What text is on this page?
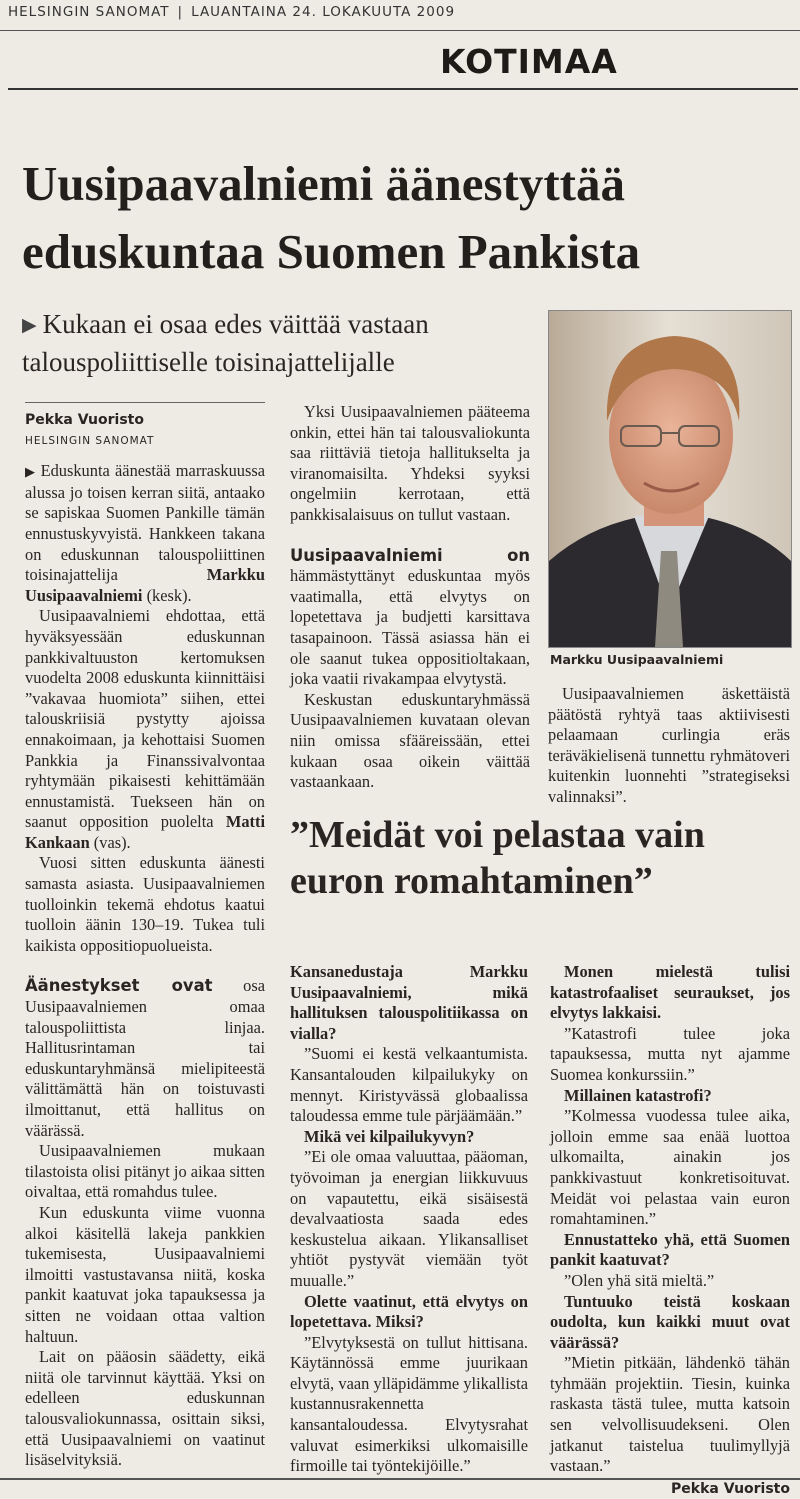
HELSINGIN SANOMAT | LAUANTAINA 24. LOKAKUUTA 2009
KOTIMAA
Uusipaavalniemi äänestyttää eduskuntaa Suomen Pankista
▶ Kukaan ei osaa edes väittää vastaan talouspoliittiselle toisinajattelijalle
Pekka Vuoristo
HELSINGIN SANOMAT

▶ Eduskunta äänestää marraskuussa alussa jo toisen kerran siitä, antaako se sapiskaa Suomen Pankille tämän ennustuskyvyistä. Hankkeen takana on eduskunnan talouspoliittinen toisinajattelija Markku Uusipaavalniemi (kesk).

Uusipaavalniemi ehdottaa, että hyväksyessään eduskunnan pankkivaltuuston kertomuksen vuodelta 2008 eduskunta kiinnittäisi ”vakavaa huomiota” siihen, ettei talouskriisiä pystytty ajoissa ennakoimaan, ja kehottaisi Suomen Pankkia ja Finanssivalvontaa ryhtymään pikaisesti kehittämään ennustamistä. Tuekseen hän on saanut opposition puolelta Matti Kankaan (vas).

Vuosi sitten eduskunta äänesti samasta asiasta. Uusipaavalniemen tuolloinkin tekemä ehdotus kaatui tuolloin äänin 130–19. Tukea tuli kaikista oppositiopuolueista.

Äänestykset ovat osa Uusipaavalniemen omaa talouspoliittista linjaa. Hallitusrintaman tai eduskuntaryhmänsä mielipiteestä välittämättä hän on toistuvasti ilmoittanut, että hallitus on väärässä.

Uusipaavalniemen mukaan tilastoista olisi pitänyt jo aikaa sitten oivaltaa, että romahdus tulee.

Kun eduskunta viime vuonna alkoi käsitellä lakeja pankkien tukemisesta, Uusipaavalniemi ilmoitti vastustavansa niitä, koska pankit kaatuvat joka tapauksessa ja sitten ne voidaan ottaa valtion haltuun.

Lait on pääosin säädetty, eikä niitä ole tarvinnut käyttää. Yksi on edelleen eduskunnan talousvaliokunnassa, osittain siksi, että Uusipaavalniemi on vaatinut lisäselvityksiä.

Yksi Uusipaavalniemen pääteema onkin, ettei hän tai talousvaliokunta saa riittäviä tietoja hallitukselta ja viranomaisilta. Yhdeksi syyksi ongelmiin kerrotaan, että pankkisalaisuus on tullut vastaan.

Uusipaavalniemi on hämmästyttänyt eduskuntaa myös vaatimalla, että elvytys on lopetettava ja budjetti karsittava tasapainoon. Tässä asiassa hän ei ole saanut tukea oppositioltakaan, joka vaatii rivakampaa elvytystä.

Keskustan eduskuntaryhmässä Uusipaavalniemen kuvataan olevan niin omissa sfääreissään, ettei kukaan osaa oikein väittää vastaankaan.

Markku Uusipaavalniemi

Uusipaavalniemen äskettäistä päätöstä ryhtyä taas aktiivisesti pelaamaan curlingia eräs teräväkielisenä tunnettu ryhmätoveri kuitenkin luonnehti ”strategiseksi valinnaksi”.

”Meidät voi pelastaa vain euron romahtaminen”

Kansanedustaja Markku Uusipaavalniemi, mikä hallituksen talouspolitiikassa on vialla?

”Suomi ei kestä velkaantumista. Kansantalouden kilpailukyky on mennyt. Kiristyvässä globaalissa taloudessa emme tule pärjäämään.”

Mikä vei kilpailukyvyn?

”Ei ole omaa valuuttaa, pääoman, työvoiman ja energian liikkuvuus on vapautettu, eikä sisäisestä devalvaatiosta saada edes keskustelua aikaan. Ylikansalliset yhtiöt pystyvät viemään työt muualle.”

Olette vaatinut, että elvytys on lopetettava. Miksi?

”Elvytyksestä on tullut hittisana. Käytännössä emme juurikaan elvytä, vaan ylläpidämme ylikallista kustannusrakennetta kansantaloudessa. Elvytysrahat valuvat esimerkiksi ulkomaisille firmoille tai työntekijöille.”

Monen mielestä tulisi katastrofaaliset seuraukset, jos elvytys lakkaisi.

”Katastrofi tulee joka tapauksessa, mutta nyt ajamme Suomea konkurssiin.”

Millainen katastrofi?

”Kolmessa vuodessa tulee aika, jolloin emme saa enää luottoa ulkomailta, ainakin jos pankkivastuut konkretisoituvat. Meidät voi pelastaa vain euron romahtaminen.”

Ennustatteko yhä, että Suomen pankit kaatuvat?

”Olen yhä sitä mieltä.”

Tuntuuko teistä koskaan oudolta, kun kaikki muut ovat väärässä?

”Mietin pitkään, lähdenkö tähän tyhmään projektiin. Tiesin, kuinka raskasta tästä tulee, mutta katsoin sen velvollisuudekseni. Olen jatkanut taistelua tuulimyllyjä vastaan.”

Pekka Vuoristo
